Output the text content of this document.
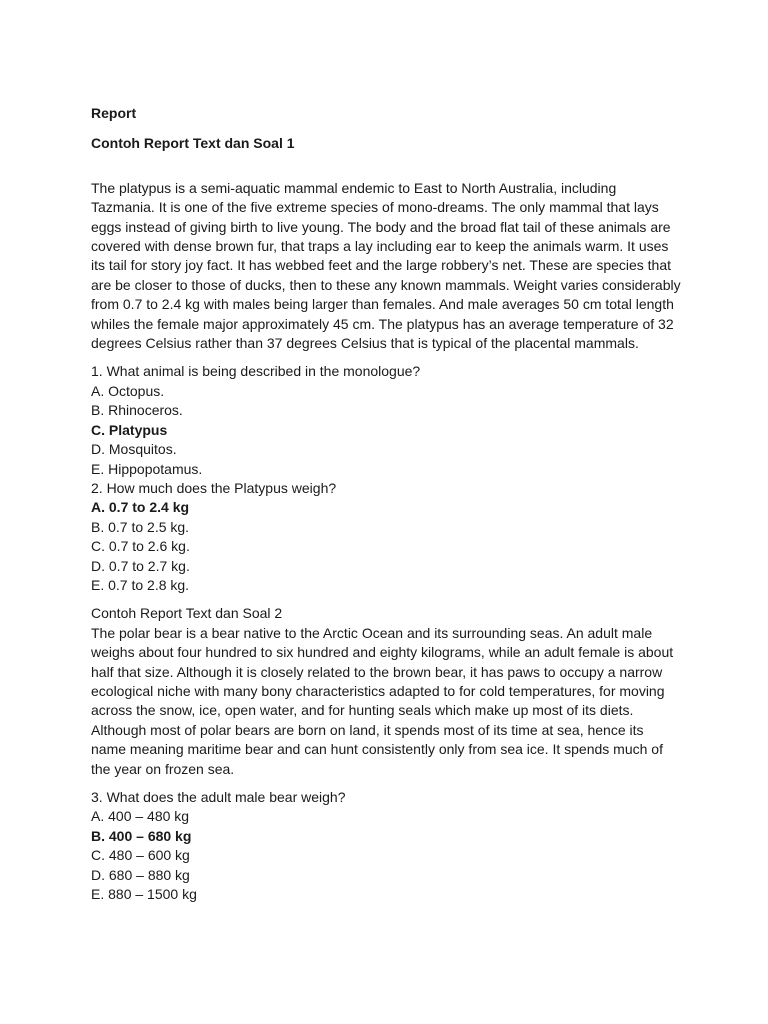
Report
Contoh Report Text dan Soal 1

The platypus is a semi-aquatic mammal endemic to East to North Australia, including Tazmania. It is one of the five extreme species of mono-dreams. The only mammal that lays eggs instead of giving birth to live young. The body and the broad flat tail of these animals are covered with dense brown fur, that traps a lay including ear to keep the animals warm. It uses its tail for story joy fact. It has webbed feet and the large robbery’s net. These are species that are be closer to those of ducks, then to these any known mammals. Weight varies considerably from 0.7 to 2.4 kg with males being larger than females. And male averages 50 cm total length whiles the female major approximately 45 cm. The platypus has an average temperature of 32 degrees Celsius rather than 37 degrees Celsius that is typical of the placental mammals.

1. What animal is being described in the monologue?
A. Octopus.
B. Rhinoceros.
C. Platypus
D. Mosquitos.
E. Hippopotamus.
2. How much does the Platypus weigh?
A. 0.7 to 2.4 kg
B. 0.7 to 2.5 kg.
C. 0.7 to 2.6 kg.
D. 0.7 to 2.7 kg.
E. 0.7 to 2.8 kg.
Contoh Report Text dan Soal 2

The polar bear is a bear native to the Arctic Ocean and its surrounding seas. An adult male weighs about four hundred to six hundred and eighty kilograms, while an adult female is about half that size. Although it is closely related to the brown bear, it has paws to occupy a narrow ecological niche with many bony characteristics adapted to for cold temperatures, for moving across the snow, ice, open water, and for hunting seals which make up most of its diets. Although most of polar bears are born on land, it spends most of its time at sea, hence its name meaning maritime bear and can hunt consistently only from sea ice. It spends much of the year on frozen sea.

3. What does the adult male bear weigh?
A. 400 – 480 kg
B. 400 – 680 kg
C. 480 – 600 kg
D. 680 – 880 kg
E. 880 – 1500 kg
